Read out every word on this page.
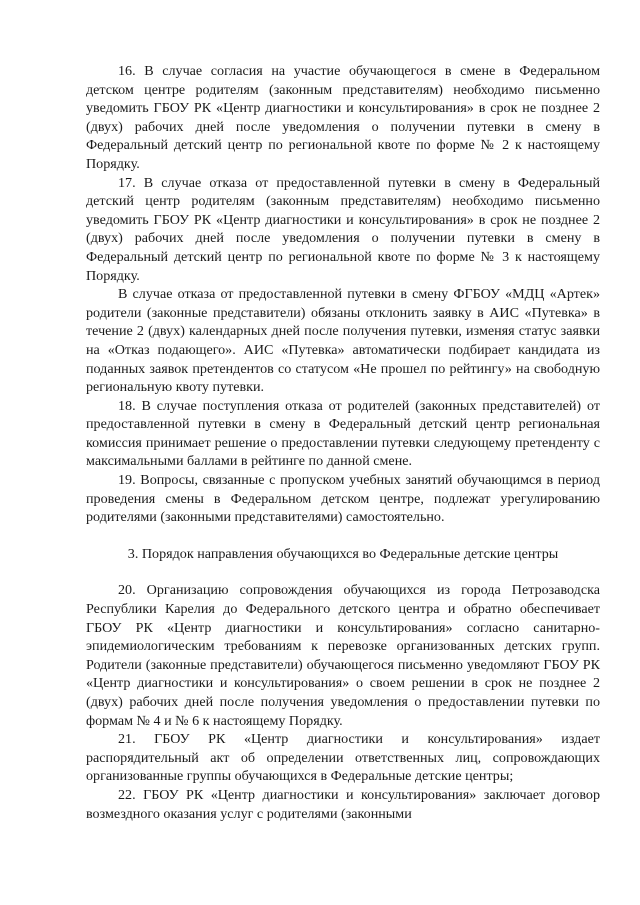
16. В случае согласия на участие обучающегося в смене в Федеральном детском центре родителям (законным представителям) необходимо письменно уведомить ГБОУ РК «Центр диагностики и консультирования» в срок не позднее 2 (двух) рабочих дней после уведомления о получении путевки в смену в Федеральный детский центр по региональной квоте по форме № 2 к настоящему Порядку.

17. В случае отказа от предоставленной путевки в смену в Федеральный детский центр родителям (законным представителям) необходимо письменно уведомить ГБОУ РК «Центр диагностики и консультирования» в срок не позднее 2 (двух) рабочих дней после уведомления о получении путевки в смену в Федеральный детский центр по региональной квоте по форме № 3 к настоящему Порядку.

В случае отказа от предоставленной путевки в смену ФГБОУ «МДЦ «Артек» родители (законные представители) обязаны отклонить заявку в АИС «Путевка» в течение 2 (двух) календарных дней после получения путевки, изменяя статус заявки на «Отказ подающего». АИС «Путевка» автоматически подбирает кандидата из поданных заявок претендентов со статусом «Не прошел по рейтингу» на свободную региональную квоту путевки.

18. В случае поступления отказа от родителей (законных представителей) от предоставленной путевки в смену в Федеральный детский центр региональная комиссия принимает решение о предоставлении путевки следующему претенденту с максимальными баллами в рейтинге по данной смене.

19. Вопросы, связанные с пропуском учебных занятий обучающимся в период проведения смены в Федеральном детском центре, подлежат урегулированию родителями (законными представителями) самостоятельно.

3. Порядок направления обучающихся во Федеральные детские центры

20. Организацию сопровождения обучающихся из города Петрозаводска Республики Карелия до Федерального детского центра и обратно обеспечивает ГБОУ РК «Центр диагностики и консультирования» согласно санитарно-эпидемиологическим требованиям к перевозке организованных детских групп. Родители (законные представители) обучающегося письменно уведомляют ГБОУ РК «Центр диагностики и консультирования» о своем решении в срок не позднее 2 (двух) рабочих дней после получения уведомления о предоставлении путевки по формам № 4 и № 6 к настоящему Порядку.

21. ГБОУ РК «Центр диагностики и консультирования» издает распорядительный акт об определении ответственных лиц, сопровождающих организованные группы обучающихся в Федеральные детские центры;

22. ГБОУ РК «Центр диагностики и консультирования» заключает договор возмездного оказания услуг с родителями (законными
